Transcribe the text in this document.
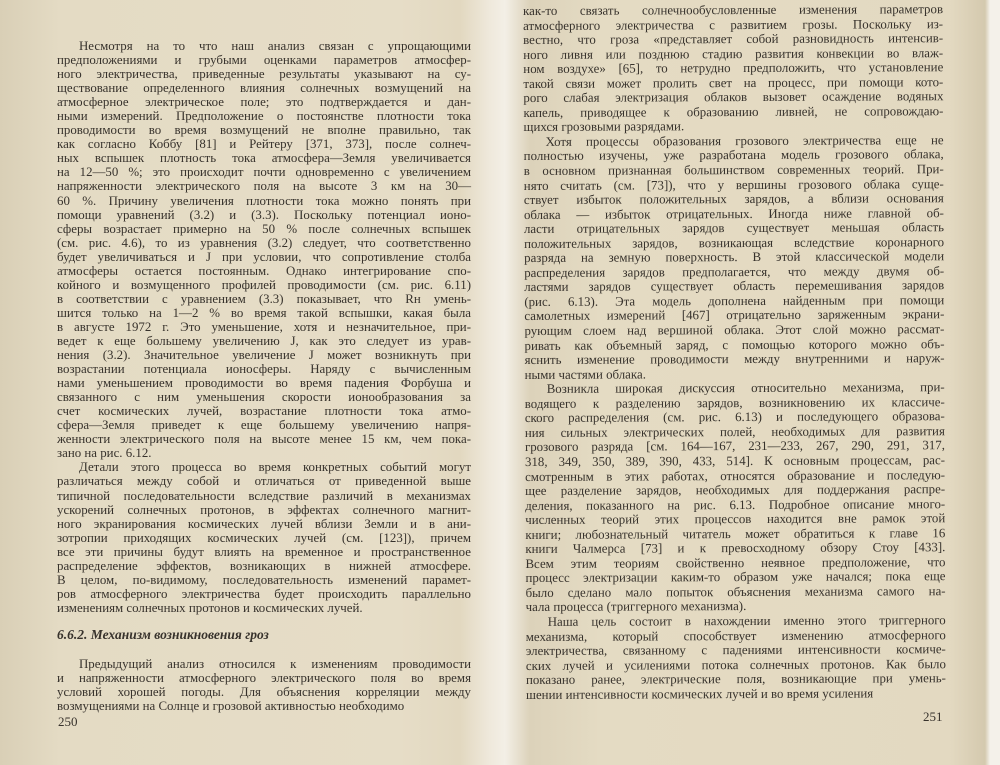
Несмотря на то что наш анализ связан с упрощающими
предположениями и грубыми оценками параметров атмосфер-
ного электричества, приведенные результаты указывают на су-
ществование определенного влияния солнечных возмущений на
атмосферное электрическое поле; это подтверждается и дан-
ными измерений. Предположение о постоянстве плотности тока
проводимости во время возмущений не вполне правильно, так
как согласно Коббу [81] и Рейтеру [371, 373], после солнеч-
ных вспышек плотность тока атмосфера—Земля увеличивается
на 12—50 %; это происходит почти одновременно с увеличением
напряженности электрического поля на высоте 3 км на 30—
60 %. Причину увеличения плотности тока можно понять при
помощи уравнений (3.2) и (3.3). Поскольку потенциал ионо-
сферы возрастает примерно на 50 % после солнечных вспышек
(см. рис. 4.6), то из уравнения (3.2) следует, что соответственно
будет увеличиваться и J при условии, что сопротивление столба
атмосферы остается постоянным. Однако интегрирование спо-
койного и возмущенного профилей проводимости (см. рис. 6.11)
в соответствии с уравнением (3.3) показывает, что Rн умень-
шится только на 1—2 % во время такой вспышки, какая была
в августе 1972 г. Это уменьшение, хотя и незначительное, при-
ведет к еще большему увеличению J, как это следует из урав-
нения (3.2). Значительное увеличение J может возникнуть при
возрастании потенциала ионосферы. Наряду с вычисленным
нами уменьшением проводимости во время падения Форбуша и
связанного с ним уменьшения скорости ионообразования за
счет космических лучей, возрастание плотности тока атмо-
сфера—Земля приведет к еще большему увеличению напря-
женности электрического поля на высоте менее 15 км, чем пока-
зано на рис. 6.12.
Детали этого процесса во время конкретных событий могут
различаться между собой и отличаться от приведенной выше
типичной последовательности вследствие различий в механизмах
ускорений солнечных протонов, в эффектах солнечного магнит-
ного экранирования космических лучей вблизи Земли и в ани-
зотропии приходящих космических лучей (см. [123]), причем
все эти причины будут влиять на временное и пространственное
распределение эффектов, возникающих в нижней атмосфере.
В целом, по-видимому, последовательность изменений парамет-
ров атмосферного электричества будет происходить параллельно
изменениям солнечных протонов и космических лучей.
6.6.2. Механизм возникновения гроз
Предыдущий анализ относился к изменениям проводимости
и напряженности атмосферного электрического поля во время
условий хорошей погоды. Для объяснения корреляции между
возмущениями на Солнце и грозовой активностью необходимо
250
как-то связать солнечнообусловленные изменения параметров
атмосферного электричества с развитием грозы. Поскольку из-
вестно, что гроза «представляет собой разновидность интенсив-
ного ливня или позднюю стадию развития конвекции во влаж-
ном воздухе» [65], то нетрудно предположить, что установление
такой связи может пролить свет на процесс, при помощи кото-
рого слабая электризация облаков вызовет осаждение водяных
капель, приводящее к образованию ливней, не сопровождаю-
щихся грозовыми разрядами.
Хотя процессы образования грозового электричества еще не
полностью изучены, уже разработана модель грозового облака,
в основном признанная большинством современных теорий. При-
нято считать (см. [73]), что у вершины грозового облака суще-
ствует избыток положительных зарядов, а вблизи основания
облака — избыток отрицательных. Иногда ниже главной об-
ласти отрицательных зарядов существует меньшая область
положительных зарядов, возникающая вследствие коронарного
разряда на земную поверхность. В этой классической модели
распределения зарядов предполагается, что между двумя об-
ластями зарядов существует область перемешивания зарядов
(рис. 6.13). Эта модель дополнена найденным при помощи
самолетных измерений [467] отрицательно заряженным экрани-
рующим слоем над вершиной облака. Этот слой можно рассмат-
ривать как объемный заряд, с помощью которого можно объ-
яснить изменение проводимости между внутренними и наруж-
ными частями облака.
Возникла широкая дискуссия относительно механизма, при-
водящего к разделению зарядов, возникновению их классиче-
ского распределения (см. рис. 6.13) и последующего образова-
ния сильных электрических полей, необходимых для развития
грозового разряда [см. 164—167, 231—233, 267, 290, 291, 317,
318, 349, 350, 389, 390, 433, 514]. К основным процессам, рас-
смотренным в этих работах, относятся образование и последую-
щее разделение зарядов, необходимых для поддержания распре-
деления, показанного на рис. 6.13. Подробное описание много-
численных теорий этих процессов находится вне рамок этой
книги; любознательный читатель может обратиться к главе 16
книги Чалмерса [73] и к превосходному обзору Стоу [433].
Всем этим теориям свойственно неявное предположение, что
процесс электризации каким-то образом уже начался; пока еще
было сделано мало попыток объяснения механизма самого на-
чала процесса (триггерного механизма).
Наша цель состоит в нахождении именно этого триггерного
механизма, который способствует изменению атмосферного
электричества, связанному с падениями интенсивности космиче-
ских лучей и усилениями потока солнечных протонов. Как было
показано ранее, электрические поля, возникающие при умень-
шении интенсивности космических лучей и во время усиления
251
